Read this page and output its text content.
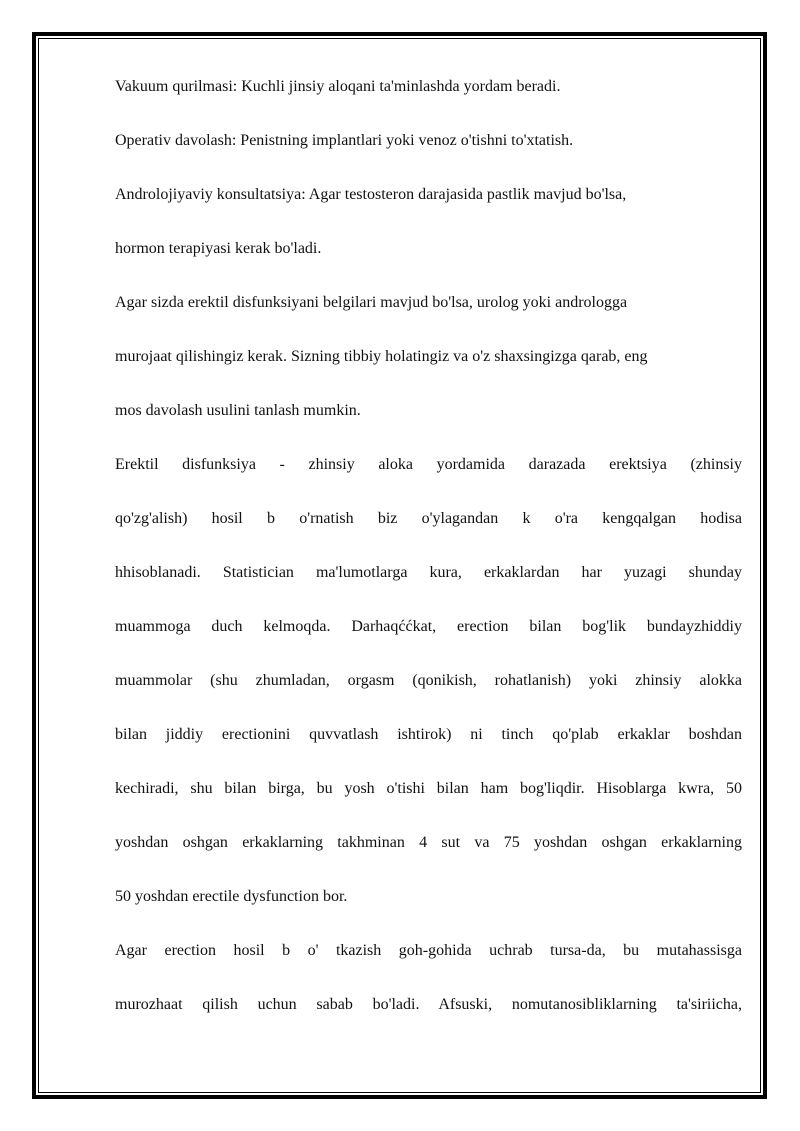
Vakuum qurilmasi: Kuchli jinsiy aloqani ta'minlashda yordam beradi.
Operativ davolash: Penistning implantlari yoki venoz o'tishni to'xtatish.
Androlojiyaviy konsultatsiya: Agar testosteron darajasida pastlik mavjud bo'lsa,
hormon terapiyasi kerak bo'ladi.
Agar sizda erektil disfunksiyani belgilari mavjud bo'lsa, urolog yoki andrologga
murojaat qilishingiz kerak. Sizning tibbiy holatingiz va o'z shaxsingizga qarab, eng
mos davolash usulini tanlash mumkin.
Erektil disfunksiya - zhinsiy aloka yordamida darazada erektsiya (zhinsiy
qo'zg'alish) hosil b o'rnatish biz o'ylagandan k o'ra kengqalgan hodisa
hhisoblanadi. Statistician ma'lumotlarga kura, erkaklardan har yuzagi shunday
muammoga duch kelmoqda. Darhaqććkat, erection bilan bog'lik bundayzhiddiy
muammolar (shu zhumladan, orgasm (qonikish, rohatlanish) yoki zhinsiy alokka
bilan jiddiy erectionini quvvatlash ishtirok) ni tinch qo'plab erkaklar boshdan
kechiradi, shu bilan birga, bu yosh o'tishi bilan ham bog'liqdir. Hisoblarga kwra, 50
yoshdan oshgan erkaklarning takhminan 4 sut va 75 yoshdan oshgan erkaklarning
50 yoshdan erectile dysfunction bor.
Agar erection hosil b o' tkazish goh-gohida uchrab tursa-da, bu mutahassisga
murozhaat qilish uchun sabab bo'ladi. Afsuski, nomutanosibliklarning ta'siriicha,
